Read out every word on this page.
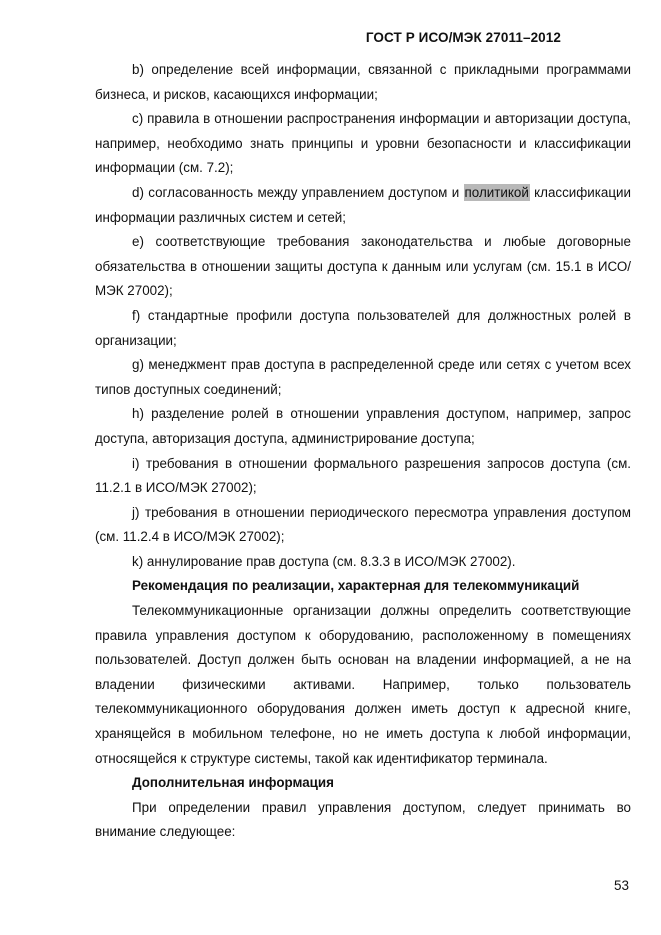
ГОСТ Р ИСО/МЭК 27011–2012

b) определение всей информации, связанной с прикладными программами бизнеса, и рисков, касающихся информации;

c) правила в отношении распространения информации и авторизации доступа, например, необходимо знать принципы и уровни безопасности и классификации информации (см. 7.2);

d) согласованность между управлением доступом и политикой классификации информации различных систем и сетей;

e) соответствующие требования законодательства и любые договорные обязательства в отношении защиты доступа к данным или услугам (см. 15.1 в ИСО/МЭК 27002);

f) стандартные профили доступа пользователей для должностных ролей в организации;

g) менеджмент прав доступа в распределенной среде или сетях с учетом всех типов доступных соединений;

h) разделение ролей в отношении управления доступом, например, запрос доступа, авторизация доступа, администрирование доступа;

i) требования в отношении формального разрешения запросов доступа (см. 11.2.1 в ИСО/МЭК 27002);

j) требования в отношении периодического пересмотра управления доступом (см. 11.2.4 в ИСО/МЭК 27002);

k) аннулирование прав доступа (см. 8.3.3 в ИСО/МЭК 27002).

Рекомендация по реализации, характерная для телекоммуникаций

Телекоммуникационные организации должны определить соответствующие правила управления доступом к оборудованию, расположенному в помещениях пользователей. Доступ должен быть основан на владении информацией, а не на владении физическими активами. Например, только пользователь телекоммуникационного оборудования должен иметь доступ к адресной книге, хранящейся в мобильном телефоне, но не иметь доступа к любой информации, относящейся к структуре системы, такой как идентификатор терминала.

Дополнительная информация

При определении правил управления доступом, следует принимать во внимание следующее:

53
